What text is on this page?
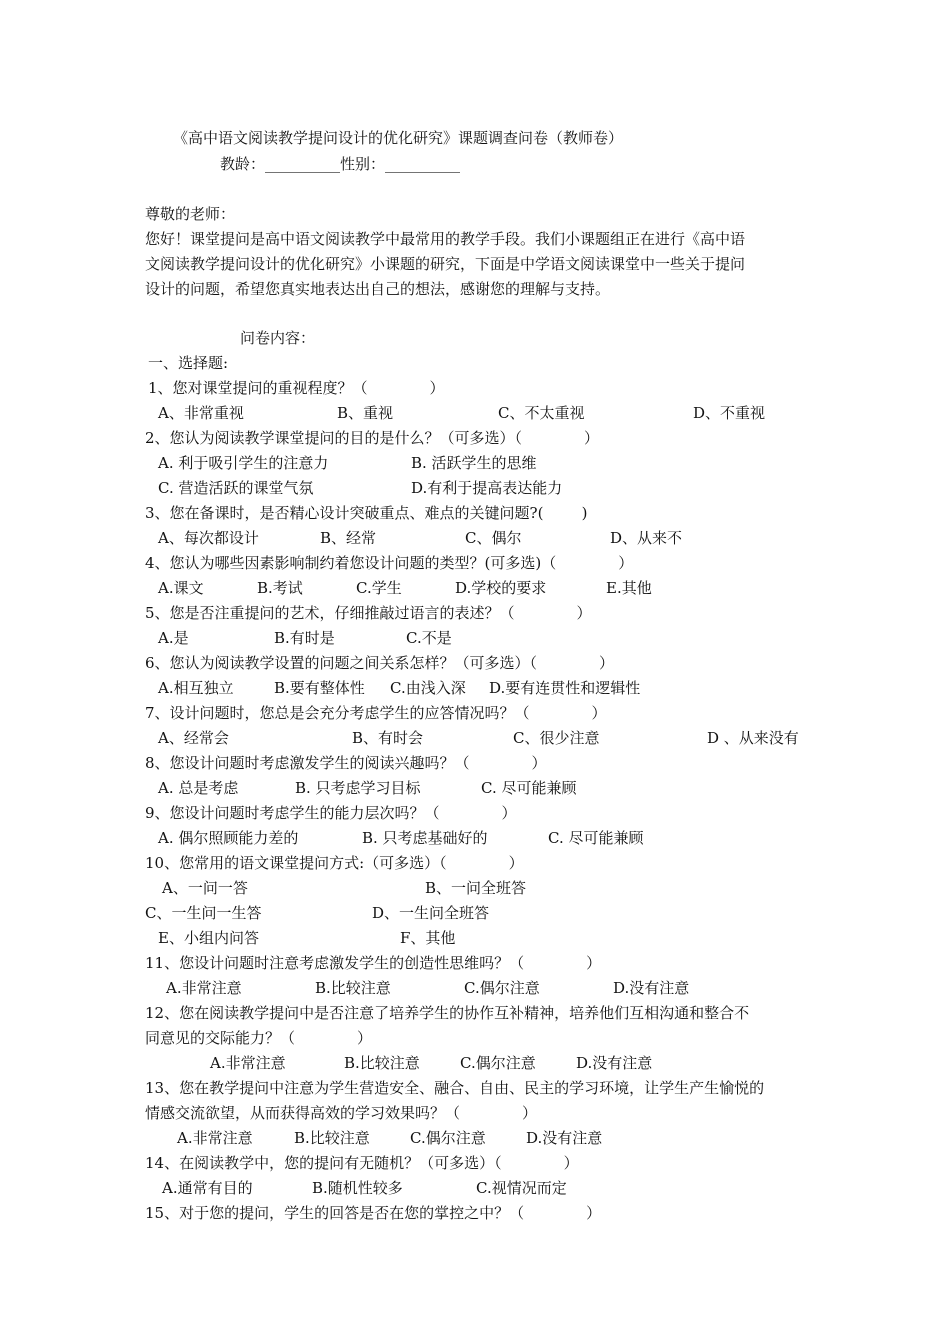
《高中语文阅读教学提问设计的优化研究》课题调查问卷（教师卷）
教龄：__________性别：__________
尊敬的老师：
您好！课堂提问是高中语文阅读教学中最常用的教学手段。我们小课题组正在进行《高中语
文阅读教学提问设计的优化研究》小课题的研究，下面是中学语文阅读课堂中一些关于提问
设计的问题，希望您真实地表达出自己的想法，感谢您的理解与支持。
问卷内容：
一、选择题:
1、您对课堂提问的重视程度？（             ）
A、非常重视	B、重视	C、不太重视	D、不重视
2、您认为阅读教学课堂提问的目的是什么？（可多选）（             ）
A. 利于吸引学生的注意力	B. 活跃学生的思维
C. 营造活跃的课堂气氛	D.有利于提高表达能力
3、您在备课时，是否精心设计突破重点、难点的关键问题?(        )
A、每次都设计	B、经常	C、偶尔	D、从来不
4、您认为哪些因素影响制约着您设计问题的类型？(可多选)（             ）
A.课文	B.考试	C.学生	D.学校的要求	E.其他
5、您是否注重提问的艺术，仔细推敲过语言的表述？（             ）
A.是	B.有时是	C.不是
6、您认为阅读教学设置的问题之间关系怎样？（可多选）（             ）
A.相互独立	B.要有整体性 C.由浅入深 D.要有连贯性和逻辑性
7、设计问题时，您总是会充分考虑学生的应答情况吗？（             ）
A、经常会	B、有时会	C、很少注意	D 、从来没有
8、您设计问题时考虑激发学生的阅读兴趣吗？（             ）
A. 总是考虑	B. 只考虑学习目标	C. 尽可能兼顾
9、您设计问题时考虑学生的能力层次吗？（             ）
A. 偶尔照顾能力差的	B. 只考虑基础好的	C. 尽可能兼顾
10、您常用的语文课堂提问方式:（可多选）（             ）
A、一问一答	B、一问全班答
C、一生问一生答	D、一生问全班答
E、小组内问答	F、其他
11、您设计问题时注意考虑激发学生的创造性思维吗？（             ）
A.非常注意	B.比较注意	C.偶尔注意	D.没有注意
12、您在阅读教学提问中是否注意了培养学生的协作互补精神，培养他们互相沟通和整合不
同意见的交际能力？（             ）
A.非常注意	B.比较注意	C.偶尔注意	D.没有注意
13、您在教学提问中注意为学生营造安全、融合、自由、民主的学习环境，让学生产生愉悦的
情感交流欲望，从而获得高效的学习效果吗？（             ）
A.非常注意	B.比较注意	C.偶尔注意	D.没有注意
14、在阅读教学中，您的提问有无随机？（可多选）（             ）
A.通常有目的	B.随机性较多	C.视情况而定
15、对于您的提问，学生的回答是否在您的掌控之中？（             ）
